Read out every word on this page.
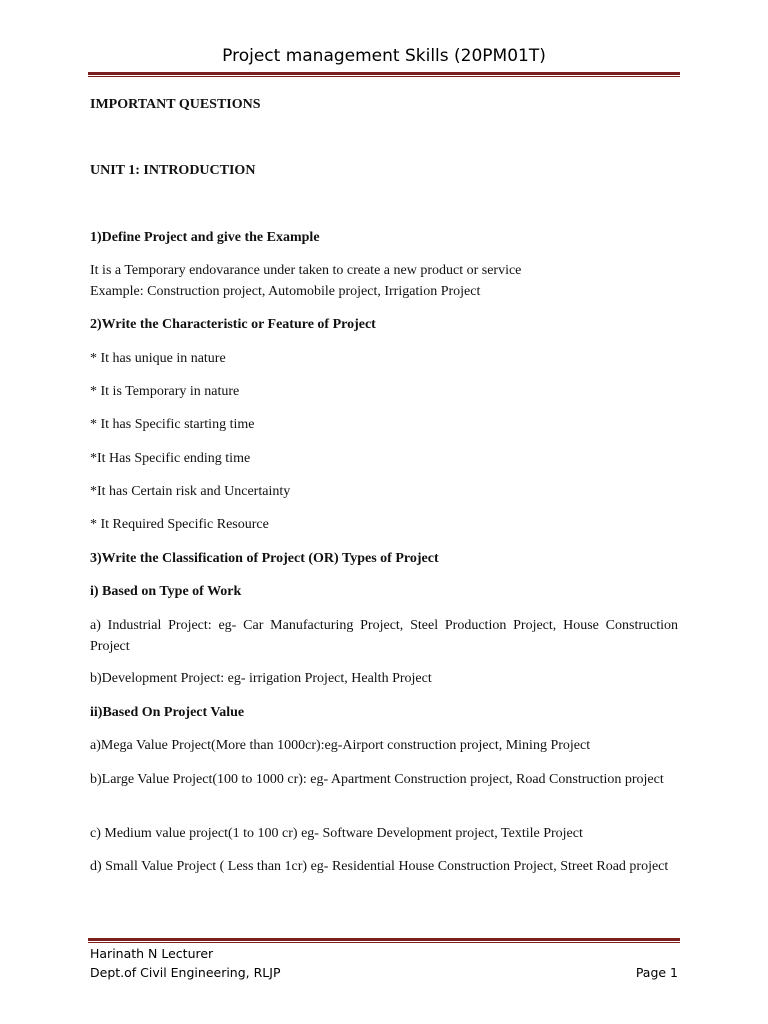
Project management Skills (20PM01T)
IMPORTANT QUESTIONS
UNIT 1: INTRODUCTION
1)Define Project and give the Example
It is a Temporary endovarance under taken to create a new product or service
Example: Construction project, Automobile project, Irrigation Project
2)Write the Characteristic or Feature of Project
* It has unique in nature
* It is Temporary in nature
* It has Specific starting time
*It Has Specific ending time
*It has Certain risk and Uncertainty
* It Required Specific Resource
3)Write the Classification of Project (OR) Types of Project
i) Based on Type of Work
a) Industrial Project: eg- Car Manufacturing Project, Steel Production Project, House Construction Project
b)Development Project: eg- irrigation Project, Health Project
ii)Based On Project Value
a)Mega Value Project(More than 1000cr):eg-Airport construction project, Mining Project
b)Large Value Project(100 to 1000 cr): eg- Apartment Construction project, Road Construction project
c) Medium value project(1 to 100 cr) eg- Software Development project, Textile Project
d) Small Value Project ( Less than 1cr) eg- Residential House Construction Project, Street Road project
Harinath N Lecturer
Dept.of Civil Engineering, RLJP	Page 1
